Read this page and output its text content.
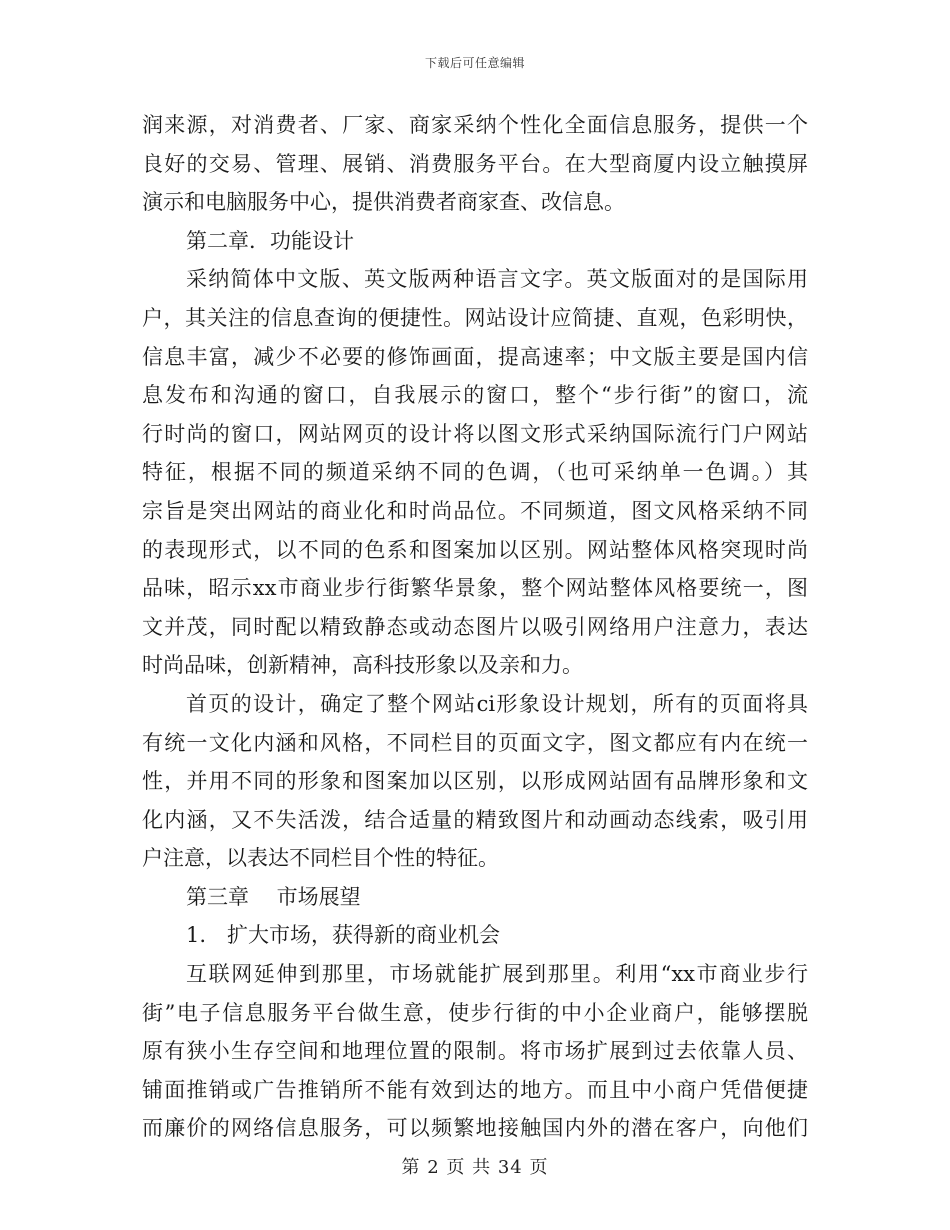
下载后可任意编辑
润来源，对消费者、厂家、商家采纳个性化全面信息服务，提供一个
良好的交易、管理、展销、消费服务平台。在大型商厦内设立触摸屏
演示和电脑服务中心，提供消费者商家查、改信息。
第二章．功能设计
采纳简体中文版、英文版两种语言文字。英文版面对的是国际用
户，其关注的信息查询的便捷性。网站设计应简捷、直观，色彩明快，
信息丰富，减少不必要的修饰画面，提高速率；中文版主要是国内信
息发布和沟通的窗口，自我展示的窗口，整个“步行街”的窗口，流
行时尚的窗口，网站网页的设计将以图文形式采纳国际流行门户网站
特征，根据不同的频道采纳不同的色调，（也可采纳单一色调。）其
宗旨是突出网站的商业化和时尚品位。不同频道，图文风格采纳不同
的表现形式，以不同的色系和图案加以区别。网站整体风格突现时尚
品味，昭示xx市商业步行街繁华景象，整个网站整体风格要统一，图
文并茂，同时配以精致静态或动态图片以吸引网络用户注意力，表达
时尚品味，创新精神，高科技形象以及亲和力。
首页的设计，确定了整个网站ci形象设计规划，所有的页面将具
有统一文化内涵和风格，不同栏目的页面文字，图文都应有内在统一
性，并用不同的形象和图案加以区别，以形成网站固有品牌形象和文
化内涵，又不失活泼，结合适量的精致图片和动画动态线索，吸引用
户注意，以表达不同栏目个性的特征。
第三章　 市场展望
1.　扩大市场，获得新的商业机会
互联网延伸到那里，市场就能扩展到那里。利用“xx市商业步行
街”电子信息服务平台做生意，使步行街的中小企业商户，能够摆脱
原有狭小生存空间和地理位置的限制。将市场扩展到过去依靠人员、
铺面推销或广告推销所不能有效到达的地方。而且中小商户凭借便捷
而廉价的网络信息服务，可以频繁地接触国内外的潜在客户，向他们
第 2 页 共 34 页
